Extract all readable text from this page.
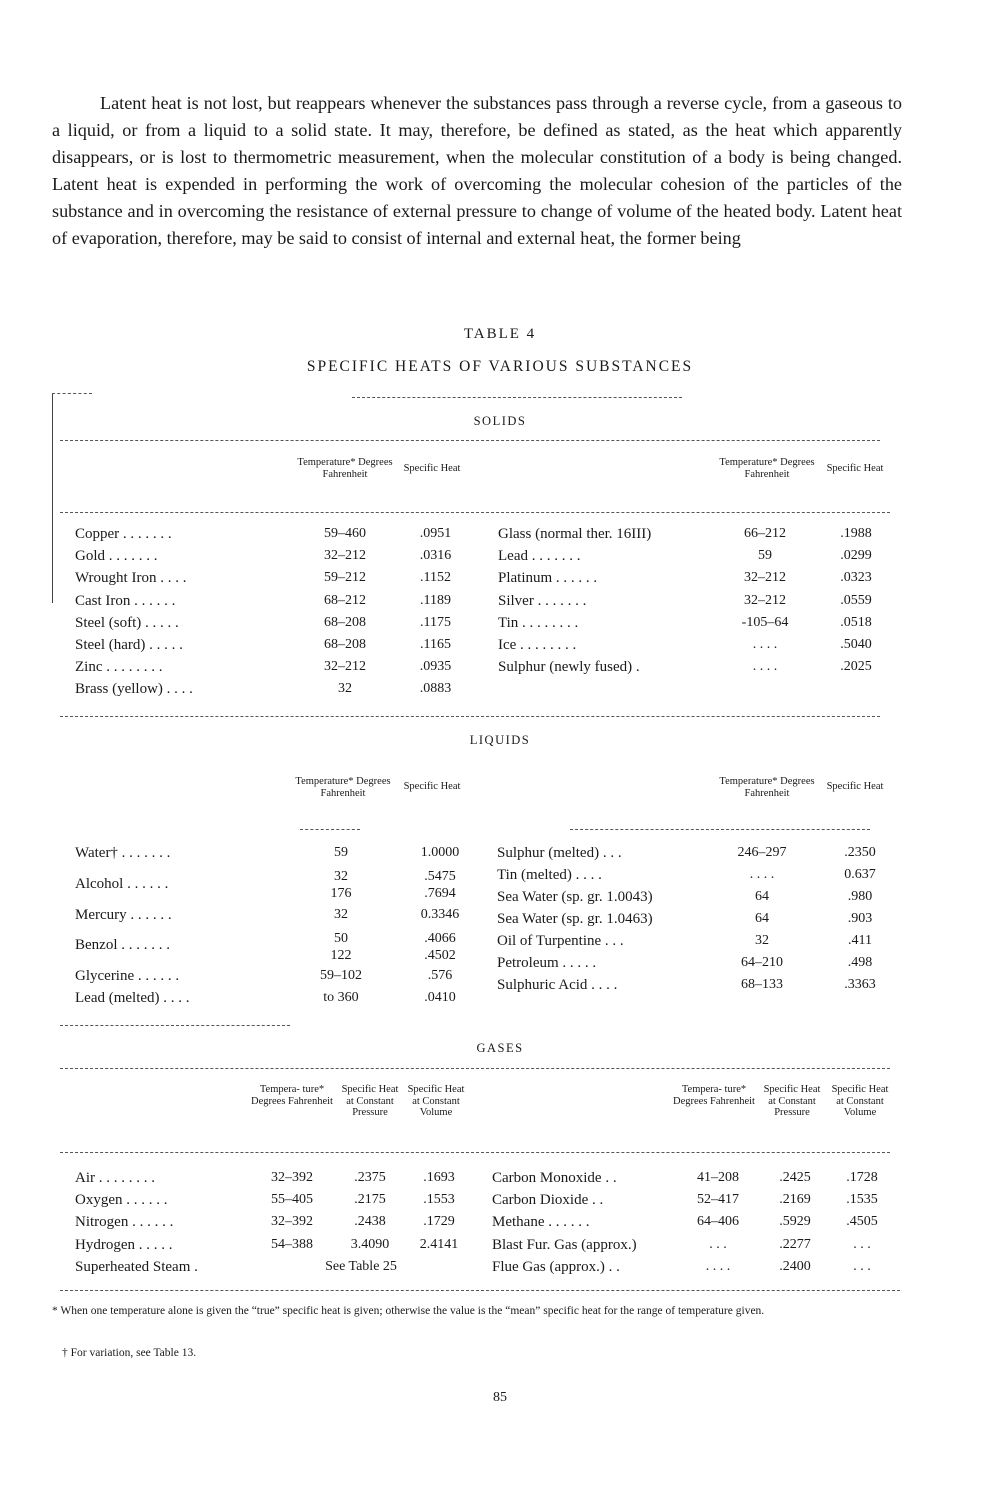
Latent heat is not lost, but reappears whenever the substances pass through a reverse cycle, from a gaseous to a liquid, or from a liquid to a solid state. It may, therefore, be defined as stated, as the heat which apparently disappears, or is lost to thermometric measurement, when the molecular constitution of a body is being changed. Latent heat is expended in performing the work of overcoming the molecular cohesion of the particles of the substance and in overcoming the resistance of external pressure to change of volume of the heated body. Latent heat of evaporation, therefore, may be said to consist of internal and external heat, the former being
TABLE 4
SPECIFIC HEATS OF VARIOUS SUBSTANCES
SOLIDS
Temperature* Degrees Fahrenheit	Specific Heat
Temperature* Degrees Fahrenheit	Specific Heat
Copper . . . . . . .	59–460	.0951
Gold . . . . . . .	32–212	.0316
Wrought Iron . . . .	59–212	.1152
Cast Iron . . . . . .	68–212	.1189
Steel (soft) . . . . .	68–208	.1175
Steel (hard) . . . . .	68–208	.1165
Zinc . . . . . . . .	32–212	.0935
Brass (yellow) . . . .	32	.0883
Glass (normal ther. 16III)	66–212	.1988
Lead . . . . . . .	59	.0299
Platinum . . . . . .	32–212	.0323
Silver . . . . . . .	32–212	.0559
Tin . . . . . . . .	-105–64	.0518
Ice . . . . . . . .	. . . .	.5040
Sulphur (newly fused) .	. . . .	.2025
LIQUIDS
Temperature* Degrees Fahrenheit
Specific Heat	Temperature* Degrees Fahrenheit
Specific Heat
Water† . . . . . . .	59	1.0000
Alcohol . . . . . .	32	.5475
176	.7694
Mercury . . . . . .	32	0.3346
Benzol . . . . . . .	50	.4066
122	.4502
Glycerine . . . . . .	59–102	.576
Lead (melted) . . . .	to 360	.0410
Sulphur (melted) . . .	246–297	.2350
Tin (melted) . . . .	. . . .	0.637
Sea Water (sp. gr. 1.0043)	64	.980
Sea Water (sp. gr. 1.0463)	64	.903
Oil of Turpentine . . .	32	.411
Petroleum . . . . .	64–210	.498
Sulphuric Acid . . . .	68–133	.3363
GASES
Tempera- ture* Degrees Fahrenheit
Specific Heat at Constant Pressure
Specific Heat at Constant Volume
Tempera- ture* Degrees Fahrenheit
Specific Heat at Constant Pressure
Specific Heat at Constant Volume
Air . . . . . . . .	32–392	.2375	.1693
Oxygen . . . . . .	55–405	.2175	.1553
Nitrogen . . . . . .	32–392	.2438	.1729
Hydrogen . . . . .	54–388	3.4090	2.4141
Superheated Steam .	See Table 25
Carbon Monoxide . .	41–208	.2425	.1728
Carbon Dioxide . .	52–417	.2169	.1535
Methane . . . . . .	64–406	.5929	.4505
Blast Fur. Gas (approx.)	. . .	.2277	. . .
Flue Gas (approx.) . .	. . . .	.2400	. . .
* When one temperature alone is given the “true” specific heat is given; otherwise the value is the “mean” specific heat for the range of temperature given.
† For variation, see Table 13.
85
